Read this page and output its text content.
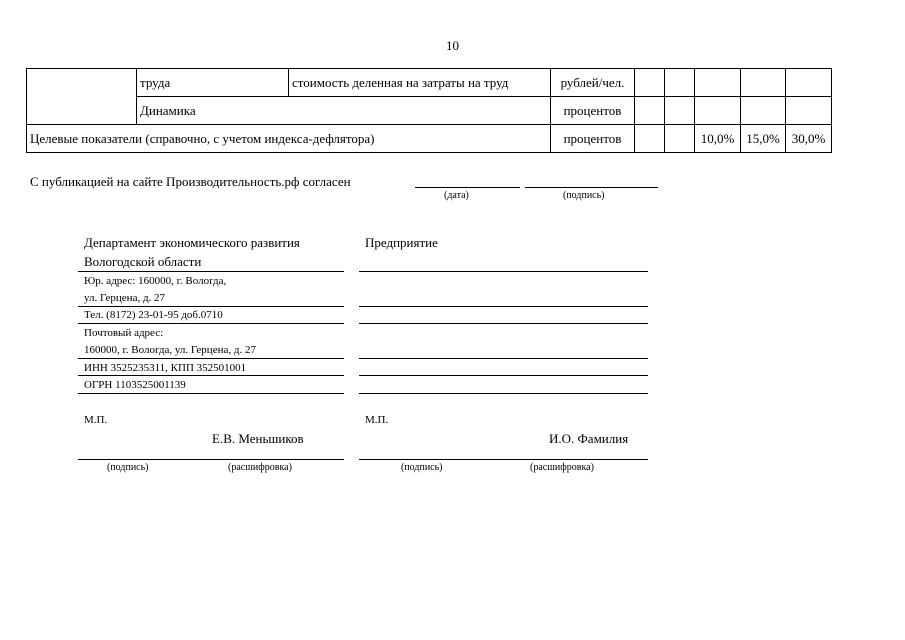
10
	труда	стоимость деленная на затраты на труд	рублей/чел.					
	Динамика		процентов					
Целевые показатели (справочно, с учетом индекса-дефлятора)			процентов			10,0%	15,0%	30,0%
С публикацией на сайте Производительность.рф согласен
(дата)	(подпись)
Департамент экономического развития
Вологодской области
Юр. адрес: 160000, г. Вологда,
ул. Герцена, д. 27
Тел. (8172) 23-01-95 доб.0710
Почтовый адрес:
160000, г. Вологда, ул. Герцена, д. 27
ИНН 3525235311, КПП 352501001
ОГРН 1103525001139
М.П.
Е.В. Меньшиков
(подпись)	(расшифровка)
Предприятие
М.П.
И.О. Фамилия
(подпись)	(расшифровка)
